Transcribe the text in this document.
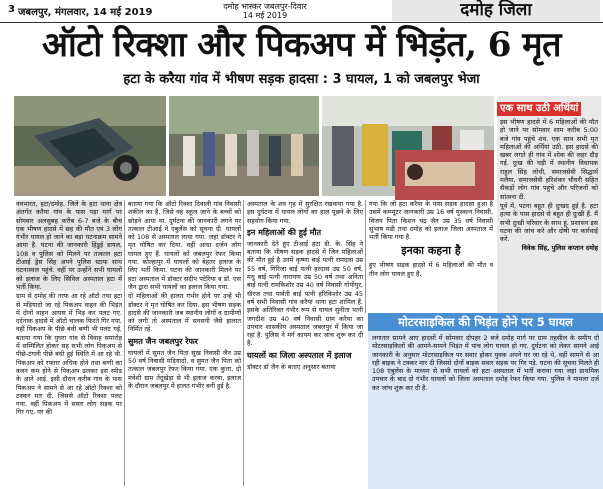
3 जबलपुर, मंगलवार, 14 मई 2019
दमोह भास्कर जबलपुर-दिवार
14 मई 2019	दमोह जिला
ऑटो रिक्शा और पिकअप में भिड़ंत, 6 मृत
हटा के करैया गांव में भीषण सड़क हादसा : 3 घायल, 1 को जबलपुर भेजा

नवभारत, हटा/दमोह. जिले के हटा थाना क्षेत्र अंतर्गत करैया गांव के पास पड़ा मार्ग पर सोमवार अलसुबह करीब 6-7 बजे के बीच एक भीषण हादसे में छह की मौत एवं 3 लोग गंभीर घायल हो जाने का बड़ा घटनाक्रम सामने आया है. घटना की जानकारी हिंडुई डायल, 108 व पुलिस को मिलने पर तत्काल हटा टीआई ड्रेस सिंह अपने पुलिस स्टाफ साथ घटनास्थल पहुंचे. वहीं पर उन्होंने सभी घायलों को इलाज के लिए सिविल अस्पताल हटा में भर्ती किया.

ग्राम से दमोह की तरफ आ रहे ऑटो तथा हटा से मड़ियादो जा रहे पिकअप वाहन की भिड़ंत में दोनों वाहन आपस में भिड़ कर पलट गए. दर्दनाक हादसे में ऑटो चालक फिरते गिर गया, वहीं पिकअप के पीछे बंधी बग्गी भी पलट गई, बताया गया कि घुघरा गांव से विवाह समारोह में सम्मिलित होकर सह सभी लोग पिकअप से पीछे-टंगली पीछे बंधी हुई स्थिति में आ रहे थी. पिकअप को रफ्तार अधिक होने तथा बग्गी का वजन कम होने से पिकअप ढलकर इस स्पीड के आने आई. इसी दौरान करीब गांव के पास पिकअप ने सामने से आ रहे ऑटो रिक्शा को टक्कर मार दी, जिससे ऑटो रिक्शा पलट गया. वहीं पिकअप में सवार लोग सड़क पर गिर गए, घर की

बताया गया कि ऑटो रिक्शा दिवाली गांव निवासी शकील का है, जिसे वह स्कूल जाने के बच्चों को छोड़ने आया था. दुर्घटना की जानकारी लगने पर तत्काल टीआई ने एंबुलेंस को सूचना दी. घायलों को 108 से अस्पताल लाया गया. जहां डॉक्टर ने मृत घोषित कर दिया. वहीं आधा दर्जन लोग घायल हुए हैं. घायलों को जबलपुर रेफर किया गया. कोल्हापुर में घायलों को बेहतर इलाज के लिए भर्ती किया. घटना की जानकारी मिलने पर हटा अस्पताल में डॉक्टर संदीप पटेरिया व डॉ. एस जैन द्वारा सभी घायलों का इलाज किया गया.

दो महिलाओं की हालत गंभीर होने पर उन्हें भी डॉक्टर ने मृत घोषित कर दिया. इस भीषण सड़क हादसे की जानकारी जब स्थानीय लोगों व ग्रामीणों को लगी तो अस्पताल में सनसनी जैसे हालात निर्मित रहे.

सुमत जैन जबलपुर रेफर

घायलों में सुमत जैन पिता सुख निवासी जैन उम्र 50 वर्ष निवासी मड़ियादो, व सुमत जैन पिता को तत्काल जबलपुर रेफर किया गया. एक कुत्ता, दो मवेशी ग्राम तेंदूखेड़ा से भी इलाज करवा, इलाज के दौरान जबलपुर में हालत गंभीर बनी हुई है.

अस्पताल के शव गृह में सुरक्षित रखवाया गया है. इस दुर्घटना में घायल लोगों का हाल पूछने के लिए सहयोग किया गया.

इन महिलाओं की हुई मौत

जानकारी देते हुए टीआई हटा डी. के. सिंह ने बताया कि भीषण सड़क हादसे में जिन महिलाओं की मौत हुई है उनमें कृष्णा बाई पत्नी रामदास उम्र 55 वर्ष, गिरिजा बाई पत्नी हरदास उम्र 50 वर्ष, मधु बाई पत्नी नारायण उम्र 50 वर्ष तथा अनिता बाई पत्नी रामकिशोर उम्र 40 वर्ष निवासी गोपीपुर, धीरज तथा पार्वती बाई पत्नी हरिकिशोर उम्र 45 वर्ष सभी निवासी गांव करैया थाना हटा शामिल हैं. इसके अतिरिक्त गंभीर रूप से घायल सुनीता पत्नी जगदीश उम्र 40 वर्ष निवासी ग्राम करैया का उपचार शासकीय अस्पताल जबलपुर में किया जा रहा है. पुलिस ने मर्ग कायम कर जांच शुरू कर दी है.

घायलों का जिला अस्पताल में इलाज

डॉक्टर डॉ जैन के बताए अनुसार बताया

गया कि जो हटा करैया के पास सड़क हादसा हुआ है उसमें कम्प्यूटर जानकारी उम्र 16 वर्ष मुस्कान निवासी, विजय पिता किशन चंद्र जैन उम्र 35 वर्ष निवासी सुभाष मंडी तथा दमोह को इलाज जिला अस्पताल में भर्ती किया गया है.

इनका कहना है

हुए भीषण सड़क हादसे में 6 महिलाओं की मौत व तीन लोग घायल हुए हैं.

एक साथ उठी अर्थियां

इस भीषण हादसे में 6 महिलाओं की मौत हो जाने पर सोमवार शाम करीब 5:00 बजे गांव पहुंचे शव. एक साथ सभी मृत महिलाओं की अर्थियां उठी. इस हादसे की खबर लगते ही गांव में शोक की लहर दौड़ गई. दुःख की घड़ी में स्थानीय विधायक राहुल सिंह लोधी, समाजसेवी सिद्धार्थ मलैया, समाजसेवी हरिशंकर चौधरी सहित सैकड़ों लोग गांव पहुंचे और परिजनों को सांत्वना दी.

पूर्व में, पटना बहुत ही दुःखद हुई है. हटा हत्या के पास हादसे से बहुत ही दुःखी हैं. मैं सभी दुःखी परिवार के साथ हूं. प्रशासन इस घटना की जांच करे और दोषी पर कार्रवाई करे.

विवेक सिंह, पुलिस कप्तान दमोह

मोटरसाइकिल की भिड़ंत होने पर 5 घायल

लगातार सामने आए हादसों में सोमवार दोपहर 2 बजे दमोह मार्ग पर ग्राम तहसील के समीप दो मोटरसाइकिलों की आमने-सामने भिड़ंत में पांच लोग घायल हो गए. दुर्घटना को लेकर सामने आई जानकारी के अनुसार मोटरसाइकिल पर सवार होकर युवक अपने घर जा रहे थे, वहीं सामने से आ रही बाइक ने टक्कर मार दी जिससे दोनों बाइक सवार सड़क पर गिर पड़े. घटना की सूचना मिलते ही 108 एंबुलेंस के माध्यम से सभी घायलों को हटा अस्पताल में भर्ती कराया गया जहां प्राथमिक उपचार के बाद दो गंभीर घायलों को जिला अस्पताल दमोह रेफर किया गया. पुलिस ने मामला दर्ज कर जांच शुरू कर दी है.
